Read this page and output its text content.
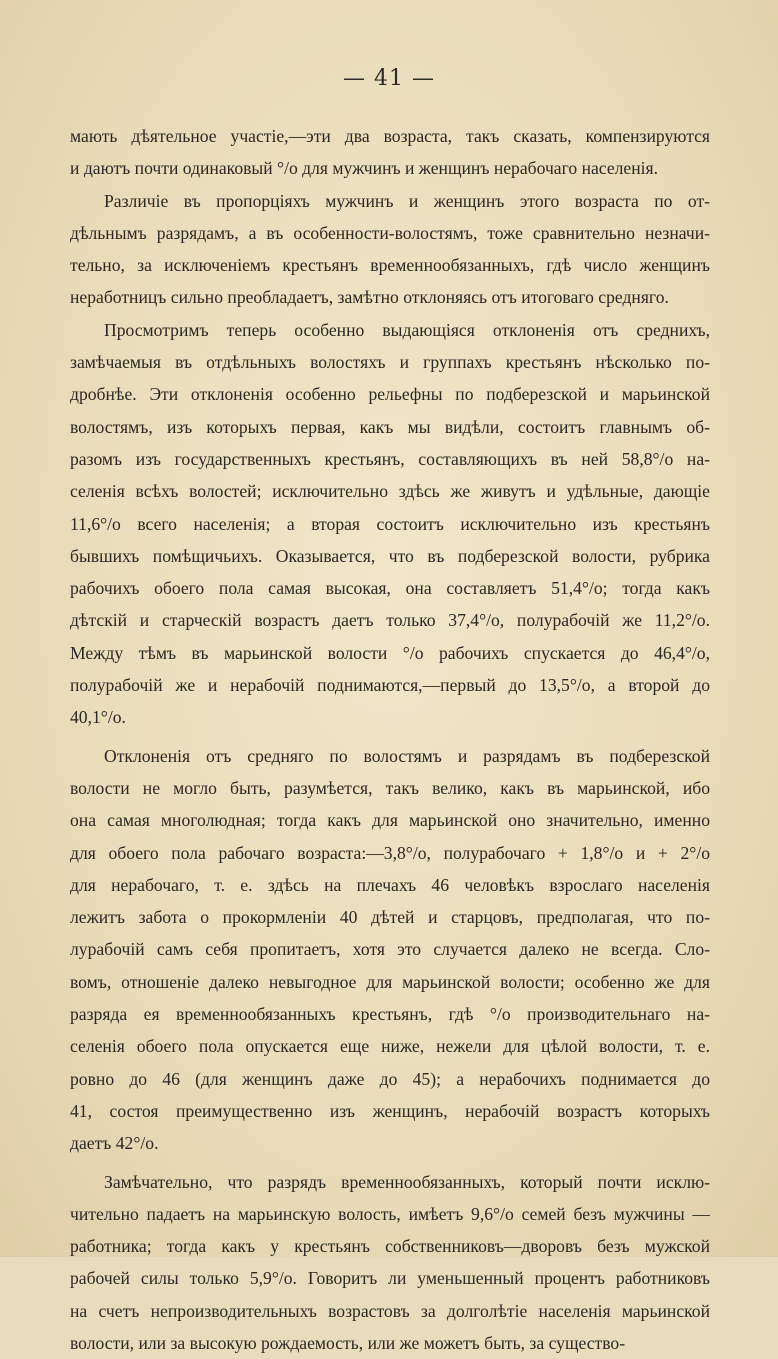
— 41 —
мають дѣятельное участіе,—эти два возраста, такъ сказать, компензируются
и даютъ почти одинаковый °/о для мужчинъ и женщинъ нерабочаго населенія.
Различіе въ пропорціяхъ мужчинъ и женщинъ этого возраста по от-
дѣльнымъ разрядамъ, а въ особенности-волостямъ, тоже сравнительно незначи-
тельно, за исключеніемъ крестьянъ временнообязанныхъ, гдѣ число женщинъ
неработницъ сильно преобладаетъ, замѣтно отклоняясь отъ итоговаго средняго.
Просмотримъ теперь особенно выдающіяся отклоненія отъ среднихъ,
замѣчаемыя въ отдѣльныхъ волостяхъ и группахъ крестьянъ нѣсколько по-
дробнѣе. Эти отклоненія особенно рельефны по подберезской и марьинской
волостямъ, изъ которыхъ первая, какъ мы видѣли, состоитъ главнымъ об-
разомъ изъ государственныхъ крестьянъ, составляющихъ въ ней 58,8°/о на-
селенія всѣхъ волостей; исключительно здѣсь же живутъ и удѣльные, дающіе
11,6°/о всего населенія; а вторая состоитъ исключительно изъ крестьянъ
бывшихъ помѣщичьихъ. Оказывается, что въ подберезской волости, рубрика
рабочихъ обоего пола самая высокая, она составляетъ 51,4°/о; тогда какъ
дѣтскій и старческій возрастъ даетъ только 37,4°/о, полурабочій же 11,2°/о.
Между тѣмъ въ марьинской волости °/о рабочихъ спускается до 46,4°/о,
полурабочій же и нерабочій поднимаются,—первый до 13,5°/о, а второй до
40,1°/о.
Отклоненія отъ средняго по волостямъ и разрядамъ въ подберезской
волости не могло быть, разумѣется, такъ велико, какъ въ марьинской, ибо
она самая многолюдная; тогда какъ для марьинской оно значительно, именно
для обоего пола рабочаго возраста:—3,8°/о, полурабочаго + 1,8°/о и + 2°/о
для нерабочаго, т. е. здѣсь на плечахъ 46 человѣкъ взрослаго населенія
лежитъ забота о прокормленіи 40 дѣтей и старцовъ, предполагая, что по-
лурабочій самъ себя пропитаетъ, хотя это случается далеко не всегда. Сло-
вомъ, отношеніе далеко невыгодное для марьинской волости; особенно же для
разряда ея временнообязанныхъ крестьянъ, гдѣ °/о производительнаго на-
селенія обоего пола опускается еще ниже, нежели для цѣлой волости, т. е.
ровно до 46 (для женщинъ даже до 45); а нерабочихъ поднимается до
41, состоя преимущественно изъ женщинъ, нерабочій возрастъ которыхъ
даетъ 42°/о.
Замѣчательно, что разрядъ временнообязанныхъ, который почти исклю-
чительно падаетъ на марьинскую волость, имѣетъ 9,6°/о семей безъ мужчины —
работника; тогда какъ у крестьянъ собственниковъ—дворовъ безъ мужской
рабочей силы только 5,9°/о. Говоритъ ли уменьшенный процентъ работниковъ
на счетъ непроизводительныхъ возрастовъ за долголѣтіе населенія марьинской
волости, или за высокую рождаемость, или же можетъ быть, за существо-
